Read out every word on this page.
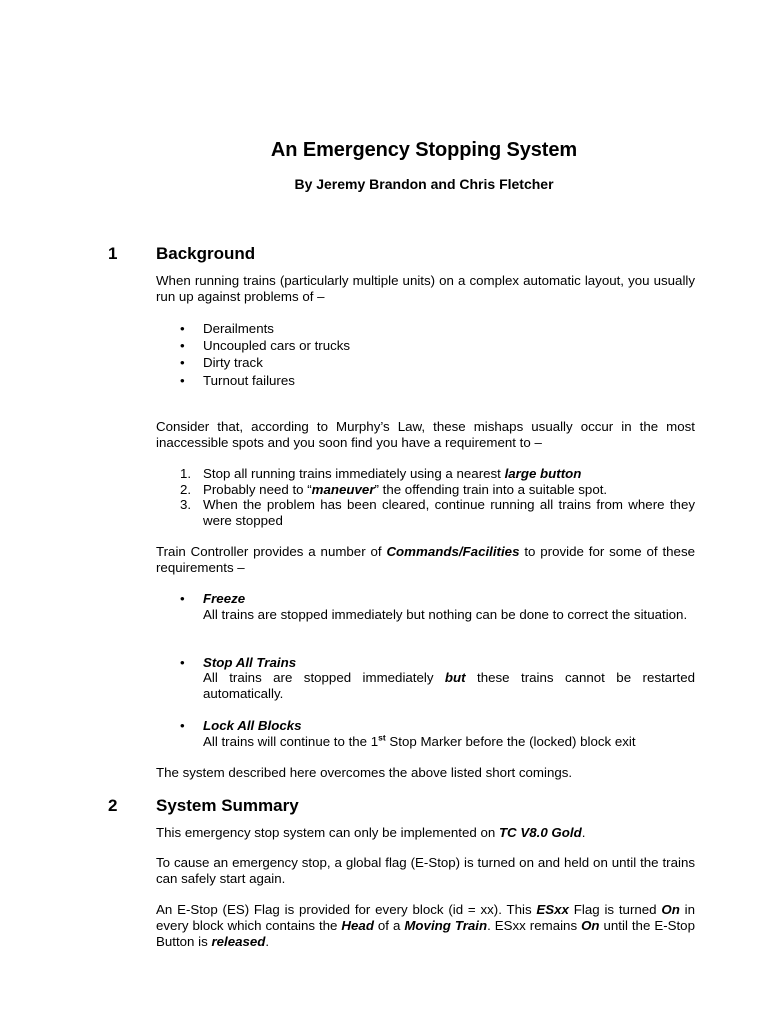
An Emergency Stopping System
By Jeremy Brandon and Chris Fletcher
1 Background
When running trains (particularly multiple units) on a complex automatic layout, you usually run up against problems of –
• Derailments
• Uncoupled cars or trucks
• Dirty track
• Turnout failures
Consider that, according to Murphy’s Law, these mishaps usually occur in the most inaccessible spots and you soon find you have a requirement to –
1. Stop all running trains immediately using a nearest large button
2. Probably need to “maneuver” the offending train into a suitable spot.
3. When the problem has been cleared, continue running all trains from where they were stopped
Train Controller provides a number of Commands/Facilities to provide for some of these requirements –
• Freeze
All trains are stopped immediately but nothing can be done to correct the situation.
• Stop All Trains
All trains are stopped immediately but these trains cannot be restarted automatically.
• Lock All Blocks
All trains will continue to the 1st Stop Marker before the (locked) block exit
The system described here overcomes the above listed short comings.
2 System Summary
This emergency stop system can only be implemented on TC V8.0 Gold.
To cause an emergency stop, a global flag (E-Stop) is turned on and held on until the trains can safely start again.
An E-Stop (ES) Flag is provided for every block (id = xx). This ESxx Flag is turned On in every block which contains the Head of a Moving Train. ESxx remains On until the E-Stop Button is released.
